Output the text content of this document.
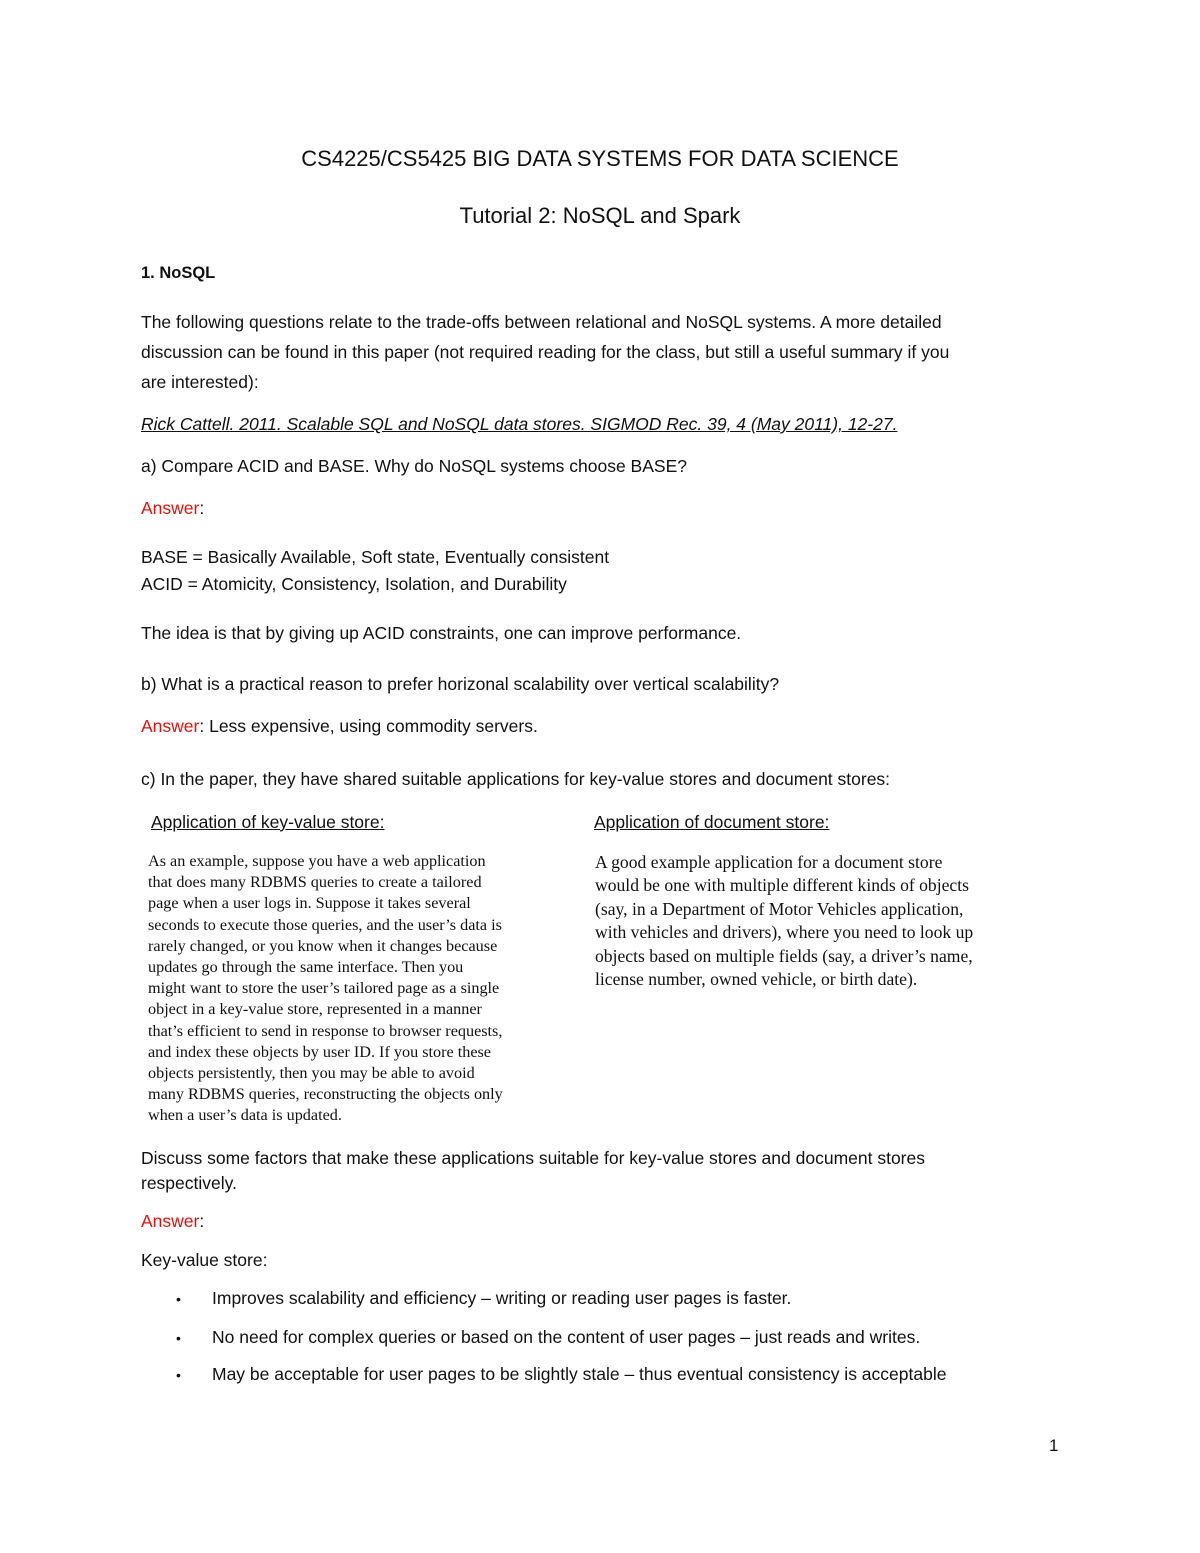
CS4225/CS5425 BIG DATA SYSTEMS FOR DATA SCIENCE
Tutorial 2: NoSQL and Spark
1. NoSQL
The following questions relate to the trade-offs between relational and NoSQL systems. A more detailed
discussion can be found in this paper (not required reading for the class, but still a useful summary if you
are interested):
Rick Cattell. 2011. Scalable SQL and NoSQL data stores. SIGMOD Rec. 39, 4 (May 2011), 12-27.
a) Compare ACID and BASE. Why do NoSQL systems choose BASE?
Answer:
BASE = Basically Available, Soft state, Eventually consistent
ACID = Atomicity, Consistency, Isolation, and Durability
The idea is that by giving up ACID constraints, one can improve performance.
b) What is a practical reason to prefer horizonal scalability over vertical scalability?
Answer: Less expensive, using commodity servers.
c) In the paper, they have shared suitable applications for key-value stores and document stores:
Application of key-value store:	Application of document store:
As an example, suppose you have a web application
that does many RDBMS queries to create a tailored
page when a user logs in. Suppose it takes several
seconds to execute those queries, and the user’s data is
rarely changed, or you know when it changes because
updates go through the same interface. Then you
might want to store the user’s tailored page as a single
object in a key-value store, represented in a manner
that’s efficient to send in response to browser requests,
and index these objects by user ID. If you store these
objects persistently, then you may be able to avoid
many RDBMS queries, reconstructing the objects only
when a user’s data is updated.
A good example application for a document store
would be one with multiple different kinds of objects
(say, in a Department of Motor Vehicles application,
with vehicles and drivers), where you need to look up
objects based on multiple fields (say, a driver’s name,
license number, owned vehicle, or birth date).
Discuss some factors that make these applications suitable for key-value stores and document stores
respectively.
Answer:
Key-value store:
• Improves scalability and efficiency – writing or reading user pages is faster.
• No need for complex queries or based on the content of user pages – just reads and writes.
• May be acceptable for user pages to be slightly stale – thus eventual consistency is acceptable
1
